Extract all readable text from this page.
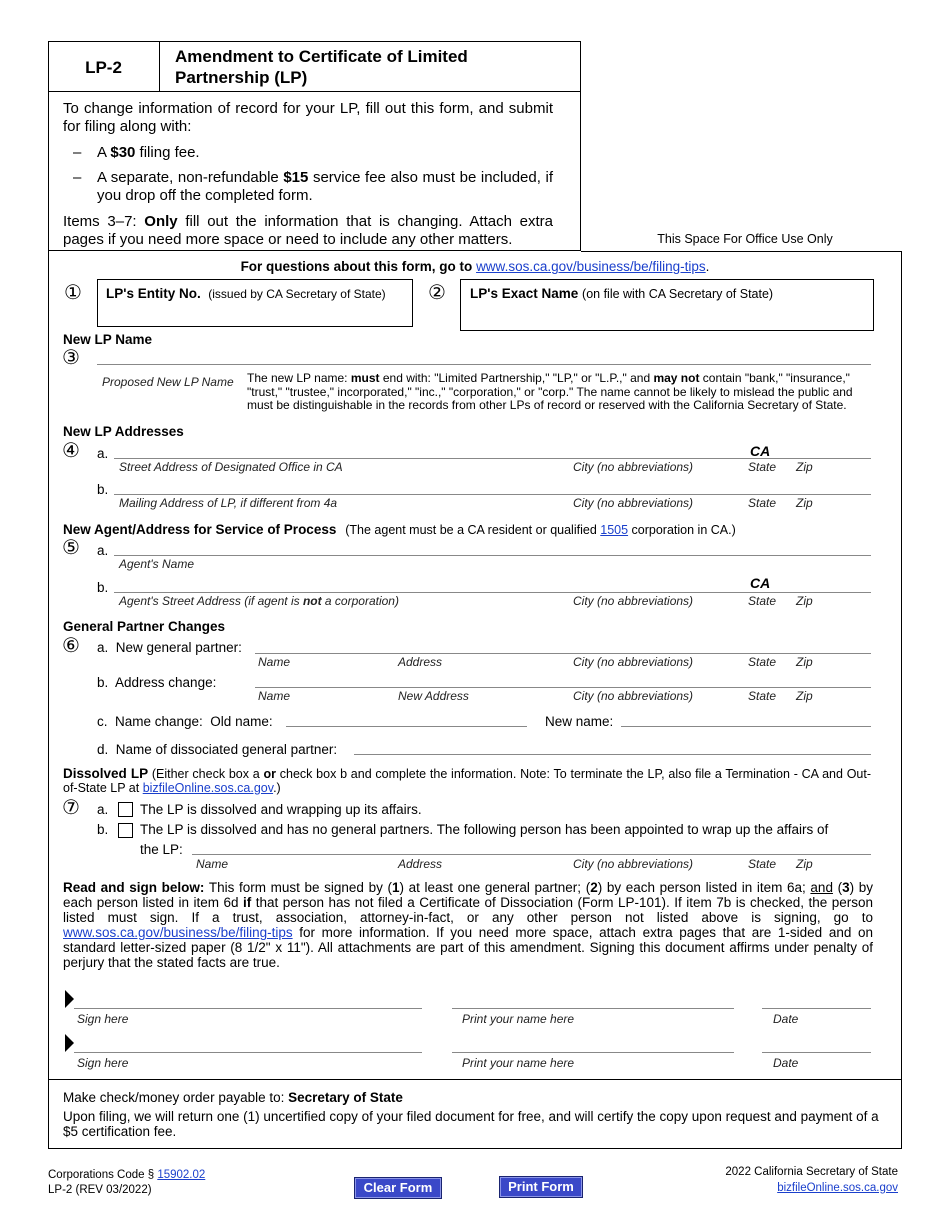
LP-2
Amendment to Certificate of Limited Partnership (LP)
To change information of record for your LP, fill out this form, and submit for filing along with:
– A $30 filing fee.
– A separate, non-refundable $15 service fee also must be included, if you drop off the completed form.
Items 3–7: Only fill out the information that is changing. Attach extra pages if you need more space or need to include any other matters.	This Space For Office Use Only
For questions about this form, go to www.sos.ca.gov/business/be/filing-tips.
① LP's Entity No. (issued by CA Secretary of State) ② LP's Exact Name (on file with CA Secretary of State)
New LP Name
③
Proposed New LP Name The new LP name: must end with: "Limited Partnership," "LP," or "L.P.," and may not contain "bank," "insurance," "trust," "trustee," incorporated," "inc.," "corporation," or "corp." The name cannot be likely to mislead the public and must be distinguishable in the records from other LPs of record or reserved with the California Secretary of State.
New LP Addresses
④ a.	CA
Street Address of Designated Office in CA	City (no abbreviations)	State Zip
b.
Mailing Address of LP, if different from 4a	City (no abbreviations)	State Zip
New Agent/Address for Service of Process (The agent must be a CA resident or qualified 1505 corporation in CA.)
⑤ a.
Agent's Name
b.	CA
Agent's Street Address (if agent is not a corporation)	City (no abbreviations)	State Zip
General Partner Changes
⑥ a.  New general partner:
Name	Address	City (no abbreviations)	State Zip
b.  Address change:
Name	New Address	City (no abbreviations)	State Zip
c.  Name change:  Old name:	New name:
d.  Name of dissociated general partner:
Dissolved LP (Either check box a or check box b and complete the information. Note: To terminate the LP, also file a Termination - CA and Out-of-State LP at bizfileOnline.sos.ca.gov.)
⑦ a. The LP is dissolved and wrapping up its affairs.
b. The LP is dissolved and has no general partners. The following person has been appointed to wrap up the affairs of
the LP:
Name	Address	City (no abbreviations)	State Zip
Read and sign below: This form must be signed by (1) at least one general partner; (2) by each person listed in item 6a; and (3) by each person listed in item 6d if that person has not filed a Certificate of Dissociation (Form LP-101). If item 7b is checked, the person listed must sign. If a trust, association, attorney-in-fact, or any other person not listed above is signing, go to www.sos.ca.gov/business/be/filing-tips for more information. If you need more space, attach extra pages that are 1-sided and on standard letter-sized paper (8 1/2" x 11"). All attachments are part of this amendment. Signing this document affirms under penalty of perjury that the stated facts are true.
Sign here	Print your name here	Date
Sign here	Print your name here	Date
Make check/money order payable to: Secretary of State
Upon filing, we will return one (1) uncertified copy of your filed document for free, and will certify the copy upon request and payment of a $5 certification fee.
Corporations Code § 15902.02
LP-2 (REV 03/2022)	Clear Form	Print Form
2022 California Secretary of State
bizfileOnline.sos.ca.gov
